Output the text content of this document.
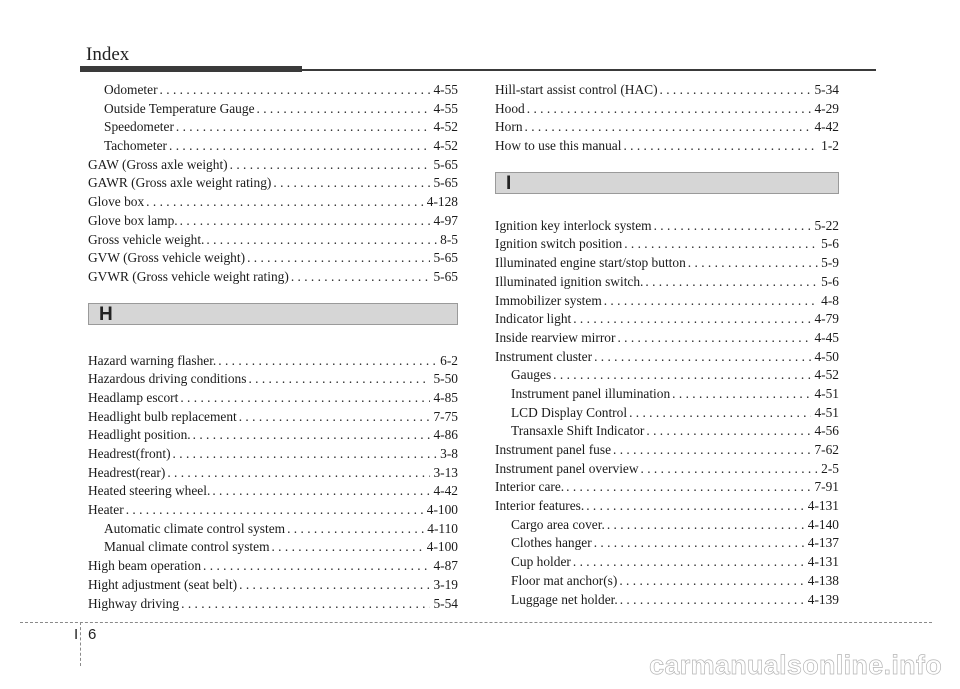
Index
Odometer . . .	4-55
Outside Temperature Gauge . . .	4-55
Speedometer . . .	4-52
Tachometer . . .	4-52
GAW (Gross axle weight) . . .	5-65
GAWR (Gross axle weight rating) . . .	5-65
Glove box . . .	4-128
Glove box lamp. . . .	4-97
Gross vehicle weight. . . .	8-5
GVW (Gross vehicle weight) . . .	5-65
GVWR (Gross vehicle weight rating) . . .	5-65
H
Hazard warning flasher. . . .	6-2
Hazardous driving conditions . . .	5-50
Headlamp escort . . .	4-85
Headlight bulb replacement . . .	7-75
Headlight position. . . .	4-86
Headrest(front) . . .	3-8
Headrest(rear) . . .	3-13
Heated steering wheel. . . .	4-42
Heater . . .	4-100
Automatic climate control system . . .	4-110
Manual climate control system . . .	4-100
High beam operation . . .	4-87
Hight adjustment (seat belt) . . .	3-19
Highway driving . . .	5-54
Hill-start assist control (HAC) . . .	5-34
Hood . . .	4-29
Horn . . .	4-42
How to use this manual . . .	1-2
I
Ignition key interlock system . . .	5-22
Ignition switch position . . .	5-6
Illuminated engine start/stop button . . .	5-9
Illuminated ignition switch. . . .	5-6
Immobilizer system . . .	4-8
Indicator light . . .	4-79
Inside rearview mirror . . .	4-45
Instrument cluster . . .	4-50
Gauges . . .	4-52
Instrument panel illumination . . .	4-51
LCD Display Control . . .	4-51
Transaxle Shift Indicator . . .	4-56
Instrument panel fuse . . .	7-62
Instrument panel overview . . .	2-5
Interior care. . . .	7-91
Interior features. . . .	4-131
Cargo area cover. . . .	4-140
Clothes hanger . . .	4-137
Cup holder . . .	4-131
Floor mat anchor(s) . . .	4-138
Luggage net holder. . . .	4-139
I 6
carmanualsonline.info
